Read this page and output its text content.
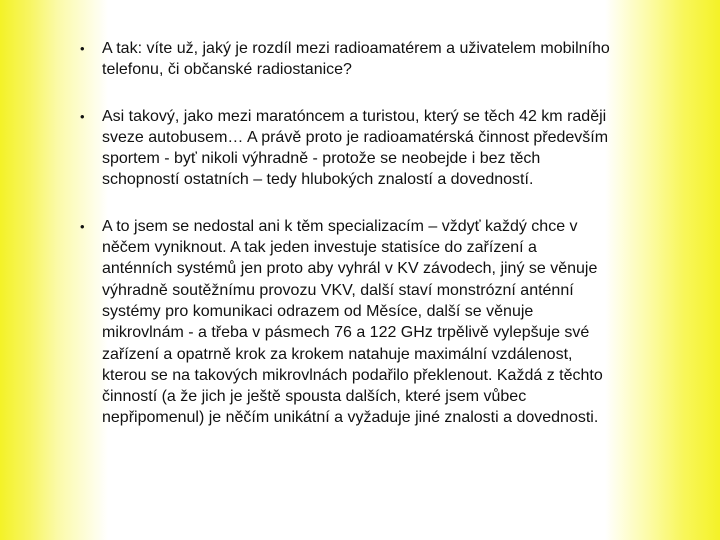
• A tak: víte už, jaký je rozdíl mezi radioamatérem a uživatelem mobilního
telefonu, či občanské radiostanice?
• Asi takový, jako mezi maratóncem a turistou, který se těch 42 km raději
sveze autobusem… A právě proto je radioamatérská činnost především
sportem - byť nikoli výhradně - protože se neobejde i bez těch
schopností ostatních – tedy hlubokých znalostí a dovedností.
• A to jsem se nedostal ani k těm specializacím – vždyť každý chce v
něčem vyniknout. A tak jeden investuje statisíce do zařízení a
anténních systémů jen proto aby vyhrál v KV závodech, jiný se věnuje
výhradně soutěžnímu provozu VKV, další staví monstrózní anténní
systémy pro komunikaci odrazem od Měsíce, další se věnuje
mikrovlnám - a třeba v pásmech 76 a 122 GHz trpělivě vylepšuje své
zařízení a opatrně krok za krokem natahuje maximální vzdálenost,
kterou se na takových mikrovlnách podařilo překlenout. Každá z těchto
činností (a že jich je ještě spousta dalších, které jsem vůbec
nepřipomenul) je něčím unikátní a vyžaduje jiné znalosti a dovednosti.
